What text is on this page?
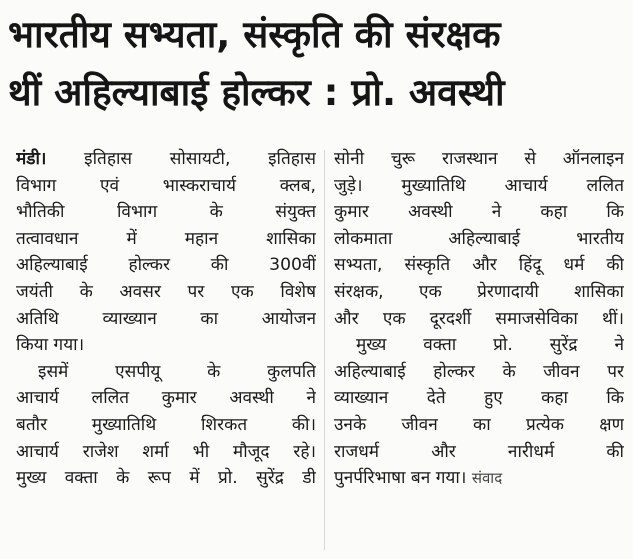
भारतीय सभ्यता, संस्कृति की संरक्षक
थीं अहिल्याबाई होल्कर : प्रो. अवस्थी
मंडी। इतिहास सोसायटी, इतिहास
विभाग एवं भास्कराचार्य क्लब,
भौतिकी विभाग के संयुक्त
तत्वावधान में महान शासिका
अहिल्याबाई होल्कर की 300वीं
जयंती के अवसर पर एक विशेष
अतिथि व्याख्यान का आयोजन
किया गया।
इसमें एसपीयू के कुलपति
आचार्य ललित कुमार अवस्थी ने
बतौर मुख्यातिथि शिरकत की।
आचार्य राजेश शर्मा भी मौजूद रहे।
मुख्य वक्ता के रूप में प्रो. सुरेंद्र डी
सोनी चुरू राजस्थान से ऑनलाइन
जुड़े। मुख्यातिथि आचार्य ललित
कुमार अवस्थी ने कहा कि
लोकमाता अहिल्याबाई भारतीय
सभ्यता, संस्कृति और हिंदू धर्म की
संरक्षक, एक प्रेरणादायी शासिका
और एक दूरदर्शी समाजसेविका थीं।
मुख्य वक्ता प्रो. सुरेंद्र ने
अहिल्याबाई होल्कर के जीवन पर
व्याख्यान देते हुए कहा कि
उनके जीवन का प्रत्येक क्षण
राजधर्म और नारीधर्म की
पुनर्परिभाषा बन गया। संवाद
